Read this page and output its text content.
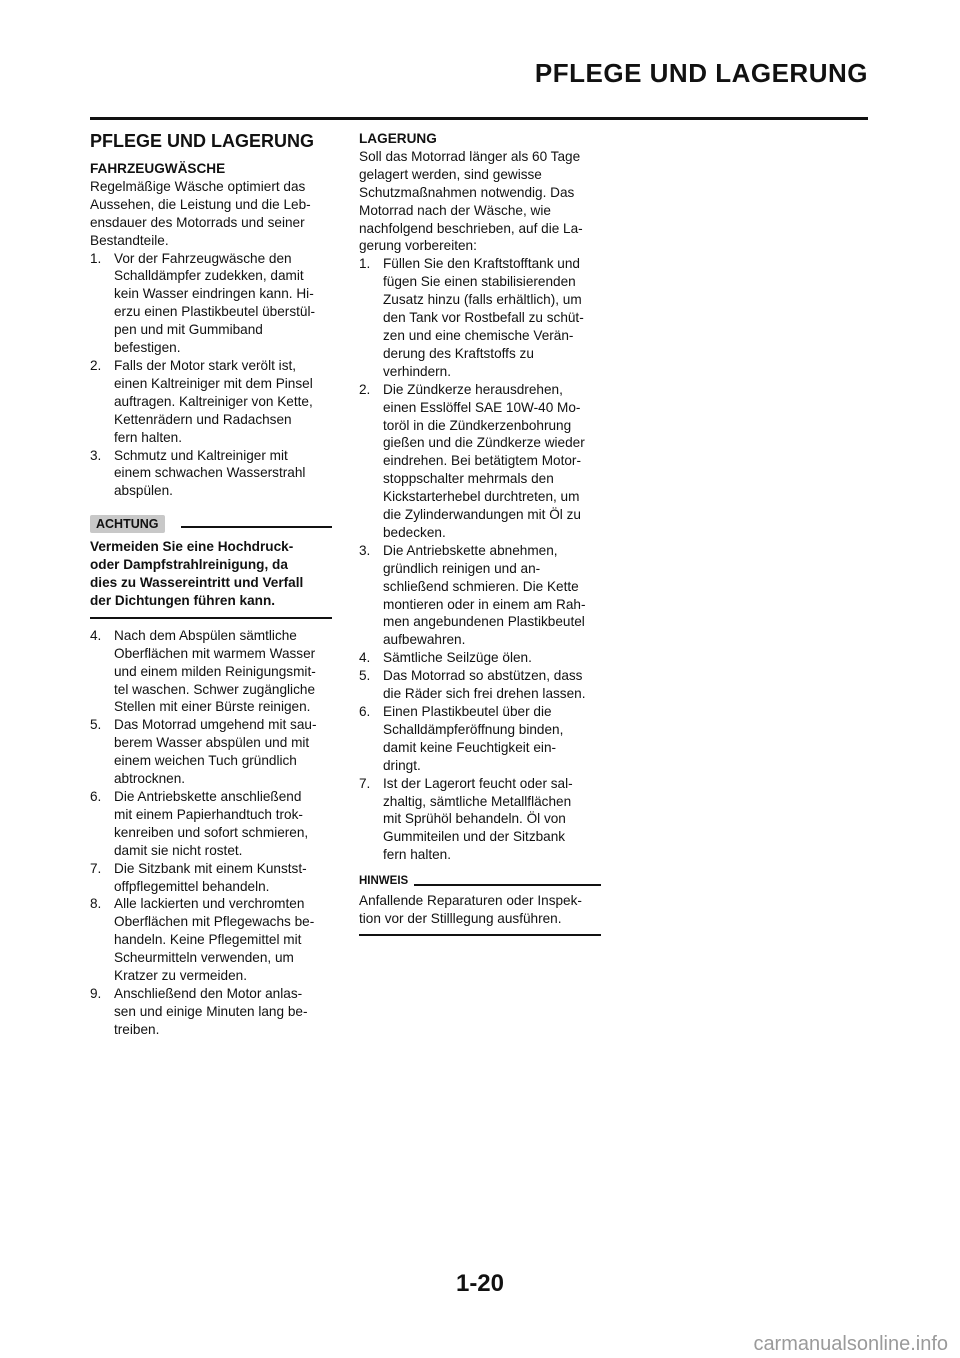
PFLEGE UND LAGERUNG
PFLEGE UND LAGERUNG
FAHRZEUGWÄSCHE
Regelmäßige Wäsche optimiert das
Aussehen, die Leistung und die Leb-
ensdauer des Motorrads und seiner
Bestandteile.
1. Vor der Fahrzeugwäsche den
Schalldämpfer zudekken, damit
kein Wasser eindringen kann. Hi-
erzu einen Plastikbeutel überstül-
pen und mit Gummiband
befestigen.
2. Falls der Motor stark verölt ist,
einen Kaltreiniger mit dem Pinsel
auftragen. Kaltreiniger von Kette,
Kettenrädern und Radachsen
fern halten.
3. Schmutz und Kaltreiniger mit
einem schwachen Wasserstrahl
abspülen.
ACHTUNG
Vermeiden Sie eine Hochdruck-
oder Dampfstrahlreinigung, da
dies zu Wassereintritt und Verfall
der Dichtungen führen kann.
4. Nach dem Abspülen sämtliche
Oberflächen mit warmem Wasser
und einem milden Reinigungsmit-
tel waschen. Schwer zugängliche
Stellen mit einer Bürste reinigen.
5. Das Motorrad umgehend mit sau-
berem Wasser abspülen und mit
einem weichen Tuch gründlich
abtrocknen.
6. Die Antriebskette anschließend
mit einem Papierhandtuch trok-
kenreiben und sofort schmieren,
damit sie nicht rostet.
7. Die Sitzbank mit einem Kunstst-
offpflegemittel behandeln.
8. Alle lackierten und verchromten
Oberflächen mit Pflegewachs be-
handeln. Keine Pflegemittel mit
Scheurmitteln verwenden, um
Kratzer zu vermeiden.
9. Anschließend den Motor anlas-
sen und einige Minuten lang be-
treiben.
LAGERUNG
Soll das Motorrad länger als 60 Tage
gelagert werden, sind gewisse
Schutzmaßnahmen notwendig. Das
Motorrad nach der Wäsche, wie
nachfolgend beschrieben, auf die La-
gerung vorbereiten:
1. Füllen Sie den Kraftstofftank und
fügen Sie einen stabilisierenden
Zusatz hinzu (falls erhältlich), um
den Tank vor Rostbefall zu schüt-
zen und eine chemische Verän-
derung des Kraftstoffs zu
verhindern.
2. Die Zündkerze herausdrehen,
einen Esslöffel SAE 10W-40 Mo-
toröl in die Zündkerzenbohrung
gießen und die Zündkerze wieder
eindrehen. Bei betätigtem Motor-
stoppschalter mehrmals den
Kickstarterhebel durchtreten, um
die Zylinderwandungen mit Öl zu
bedecken.
3. Die Antriebskette abnehmen,
gründlich reinigen und an-
schließend schmieren. Die Kette
montieren oder in einem am Rah-
men angebundenen Plastikbeutel
aufbewahren.
4. Sämtliche Seilzüge ölen.
5. Das Motorrad so abstützen, dass
die Räder sich frei drehen lassen.
6. Einen Plastikbeutel über die
Schalldämpferöffnung binden,
damit keine Feuchtigkeit ein-
dringt.
7. Ist der Lagerort feucht oder sal-
zhaltig, sämtliche Metallflächen
mit Sprühöl behandeln. Öl von
Gummiteilen und der Sitzbank
fern halten.
HINWEIS
Anfallende Reparaturen oder Inspek-
tion vor der Stilllegung ausführen.
1-20
carmanualsonline.info
